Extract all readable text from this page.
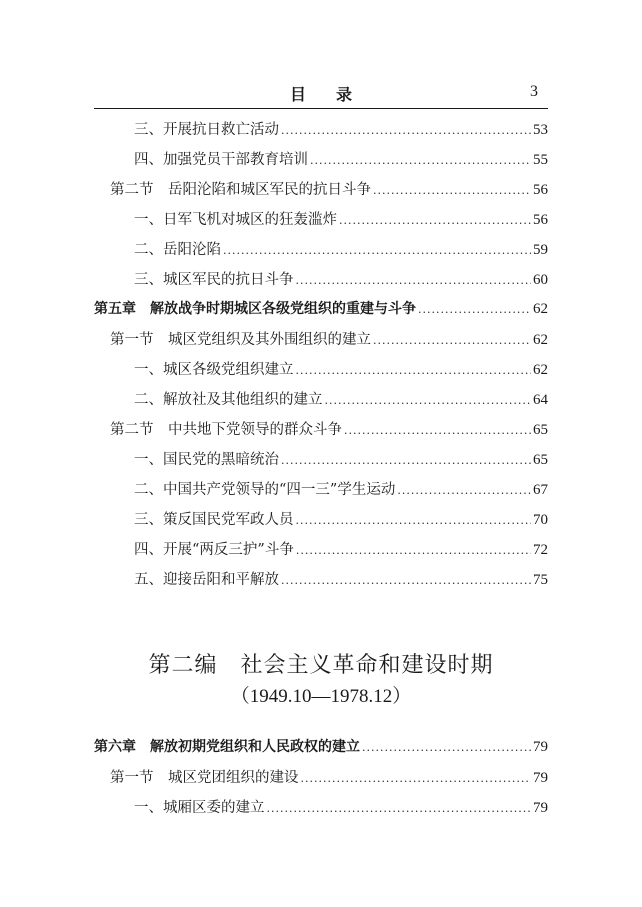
目录	3
三、开展抗日救亡活动 .....	53
四、加强党员干部教育培训 .....	55
第二节　岳阳沦陷和城区军民的抗日斗争 .....	56
一、日军飞机对城区的狂轰滥炸 .....	56
二、岳阳沦陷 .....	59
三、城区军民的抗日斗争 .....	60
第五章　解放战争时期城区各级党组织的重建与斗争 .....	62
第一节　城区党组织及其外围组织的建立 .....	62
一、城区各级党组织建立 .....	62
二、解放社及其他组织的建立 .....	64
第二节　中共地下党领导的群众斗争 .....	65
一、国民党的黑暗统治 .....	65
二、中国共产党领导的“四一三”学生运动 .....	67
三、策反国民党军政人员 .....	70
四、开展“两反三护”斗争 .....	72
五、迎接岳阳和平解放 .....	75
第二编　社会主义革命和建设时期
（1949.10—1978.12）
第六章　解放初期党组织和人民政权的建立 .....	79
第一节　城区党团组织的建设 .....	79
一、城厢区委的建立 .....	79
